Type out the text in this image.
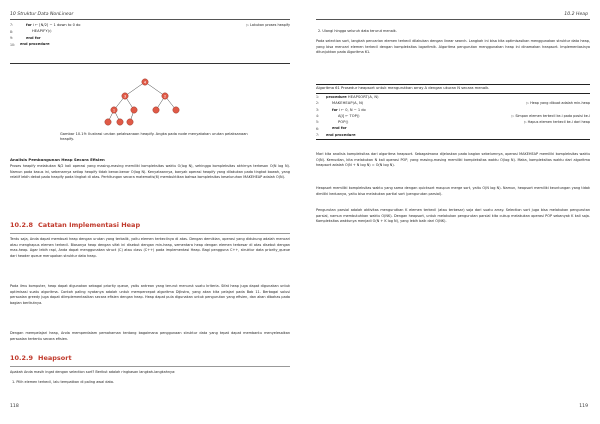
10 Struktur Data NonLinear
7:	for i ← ⌊N/2⌋ − 1 down to 0 do	▷ Lakukan proses heapify
8:	HEAPIFY(i)
9:	end for
10:	end procedure
4
3	2
1
Gambar 10.19: Ilustrasi urutan pelaksanaan heapify. Angka pada node menyatakan urutan pelaksanaan heapify.
Analisis Pembangunan Heap Secara Efisien
Proses heapify melakukan N/2 kali operasi yang masing-masing memiliki kompleksitas waktu O(log N), sehingga kompleksitas akhirnya terkesan O(N log N). Namun pada kasus ini, sebenarnya setiap heapify tidak benar-benar O(log N). Kenyataannya, banyak operasi heapify yang dilakukan pada tingkat bawah, yang relatif lebih dekat pada heapify pada tingkat di atas. Perhitungan secara matematis(6) membuktikan bahwa kompleksitas keseluruhan MAKEHEAP adalah O(N).
10.2.8 Catatan Implementasi Heap
Tentu saja, Anda dapat membuat heap dengan urutan yang terbalik, yaitu elemen terkecilnya di atas. Dengan demikian, operasi yang didukung adalah mencari atau menghapus elemen terkecil. Biasanya heap dengan sifat ini disebut dengan min-heap, sementara heap dengan elemen terbesar di atas disebut dengan max-heap. Agar lebih rapi, Anda dapat menggunakan struct (C) atau class (C++) pada implementasi Heap. Bagi pengguna C++, struktur data priority_queue dari header queue merupakan struktur data heap.
Pada ilmu komputer, heap dapat digunakan sebagai priority queue, yaitu antrean yang terurut menurut suatu kriteria. Sifat heap juga dapat digunakan untuk optimisasi suatu algoritma. Contoh paling nyatanya adalah untuk mempercepat algoritma Dijkstra, yang akan kita pelajari pada Bab 11. Berbagai solusi persoalan greedy juga dapat diimplementasikan secara efisien dengan heap. Heap dapat pula digunakan untuk pengurutan yang efisien, dan akan dibahas pada bagian berikutnya.
Dengan mempelajari heap, Anda memperdalam pemahaman tentang bagaimana penggunaan struktur data yang tepat dapat membantu menyelesaikan persoalan tertentu secara efisien.
10.2.9 Heapsort
Apakah Anda masih ingat dengan selection sort? Berikut adalah ringkasan langkah-langkahnya:
1. Pilih elemen terkecil, lalu tempatkan di paling awal data.
118
10.2 Heap
2. Ulangi hingga seluruh data terurut menaik.
Pada selection sort, langkah pencarian elemen terkecil dilakukan dengan linear search. Langkah ini bisa kita optimisasikan menggunakan struktur data heap, yang bisa mencari elemen terkecil dengan kompleksitas logaritmik. Algoritma pengurutan menggunakan heap ini dinamakan heapsort. Implementasinya ditunjukkan pada Algoritma 61.
Algoritma 61 Prosedur heapsort untuk mengurutkan array A dengan ukuran N secara menaik.
1:	procedure HEAPSORT(A, N)
2:	MAKEHEAP(A, N)	▷ Heap yang dibuat adalah min-heap
3:	for i ← 0, N − 1 do
4:	A[i] ← TOP()	▷ Simpan elemen terkecil ke-i pada posisi ke-i
5:	POP()	▷ Hapus elemen terkecil ke-i dari heap
6:	end for
7:	end procedure
Mari kita analisis kompleksitas dari algoritma heapsort. Sebagaimana dijelaskan pada bagian sebelumnya, operasi MAKEHEAP memiliki kompleksitas waktu O(N). Kemudian, kita melakukan N kali operasi POP, yang masing-masing memiliki kompleksitas waktu O(log N). Maka, kompleksitas waktu dari algoritma heapsort adalah O(N + N log N) = O(N log N).
Heapsort memiliki kompleksitas waktu yang sama dengan quicksort maupun merge sort, yaitu O(N log N). Namun, heapsort memiliki keuntungan yang tidak dimiliki keduanya, yaitu bisa melakukan partial sort (pengurutan parsial).
Pengurutan parsial adalah aktivitas mengurutkan K elemen terkecil (atau terbesar) saja dari suatu array. Selection sort juga bisa melakukan pengurutan parsial, namun membutuhkan waktu O(NK). Dengan heapsort, untuk melakukan pengurutan parsial kita cukup melakukan operasi POP sebanyak K kali saja. Kompleksitas waktunya menjadi O(N + K log N), yang lebih baik dari O(NK).
119
